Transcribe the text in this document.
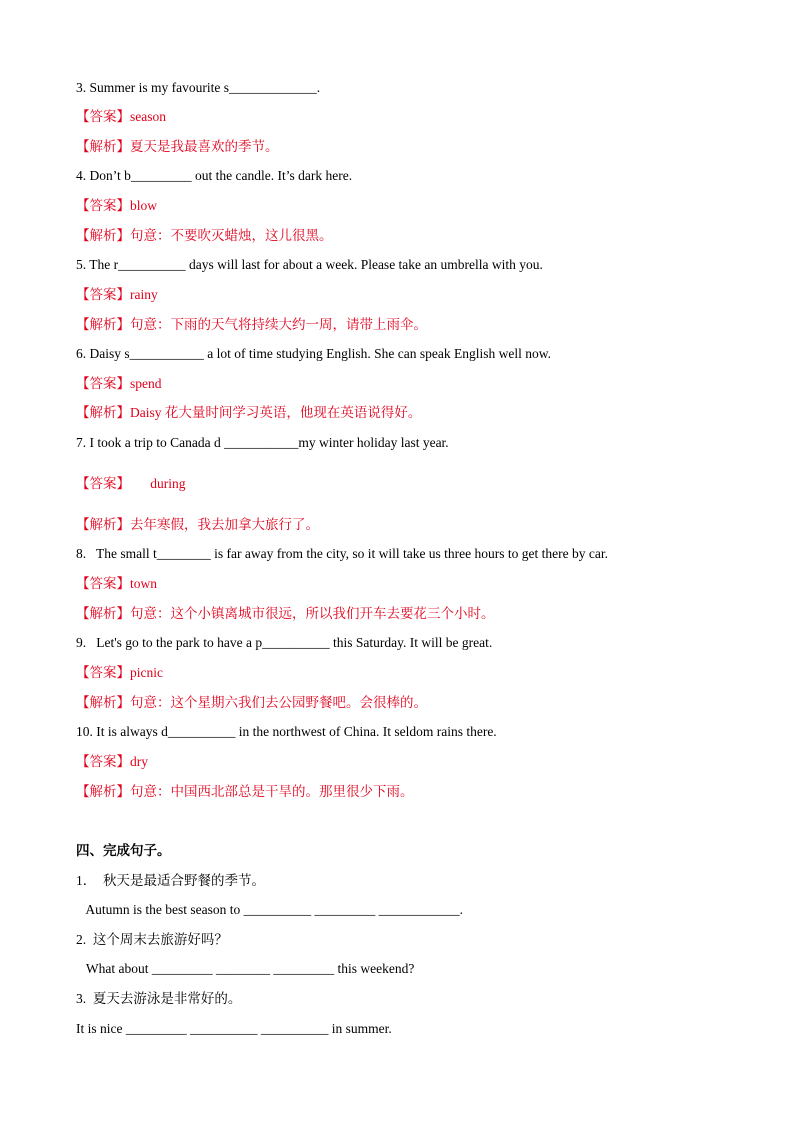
3. Summer is my favourite s_____________.
【答案】season
【解析】夏天是我最喜欢的季节。
4. Don’t b_________ out the candle. It’s dark here.
【答案】blow
【解析】句意：不要吹灭蜡烛，这儿很黑。
5. The r__________ days will last for about a week. Please take an umbrella with you.
【答案】rainy
【解析】句意：下雨的天气将持续大约一周，请带上雨伞。
6. Daisy s___________ a lot of time studying English. She can speak English well now.
【答案】spend
【解析】Daisy 花大量时间学习英语，他现在英语说得好。
7. I took a trip to Canada d ___________my winter holiday last year.
【答案】      during
【解析】去年寒假，我去加拿大旅行了。
8.   The small t________ is far away from the city, so it will take us three hours to get there by car.
【答案】town
【解析】句意：这个小镇离城市很远，所以我们开车去要花三个小时。
9.   Let's go to the park to have a p__________ this Saturday. It will be great.
【答案】picnic
【解析】句意：这个星期六我们去公园野餐吧。会很棒的。
10. It is always d__________ in the northwest of China. It seldom rains there.
【答案】dry
【解析】句意：中国西北部总是干旱的。那里很少下雨。
四、完成句子。
1．  秋天是最适合野餐的季节。
Autumn is the best season to __________ _________ ____________.
2.  这个周末去旅游好吗？
What about _________ ________ _________ this weekend?
3.  夏天去游泳是非常好的。
It is nice _________ __________ __________ in summer.
